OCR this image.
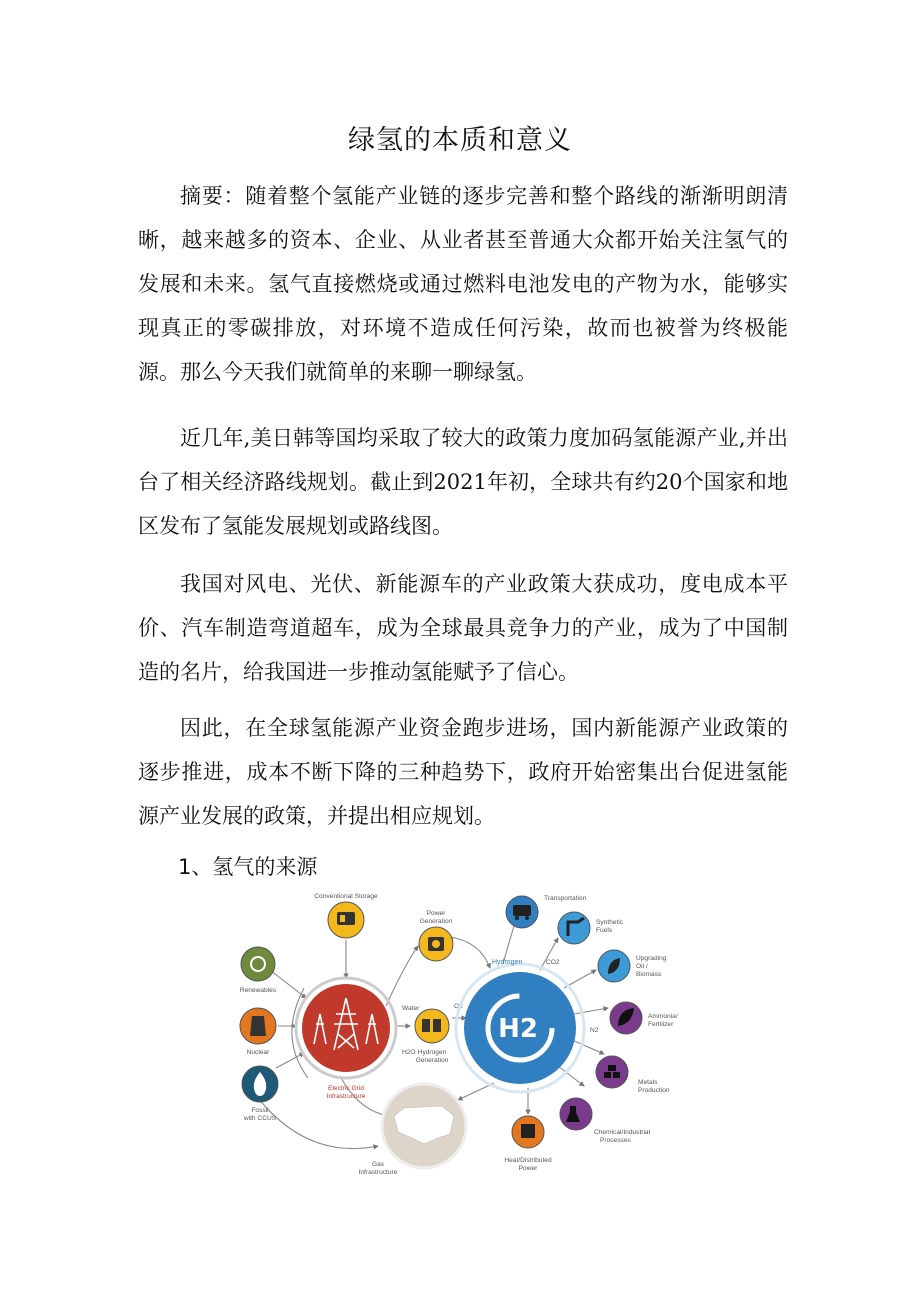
绿氢的本质和意义

摘要：随着整个氢能产业链的逐步完善和整个路线的渐渐明朗清晰，越来越多的资本、企业、从业者甚至普通大众都开始关注氢气的发展和未来。氢气直接燃烧或通过燃料电池发电的产物为水，能够实现真正的零碳排放，对环境不造成任何污染，故而也被誉为终极能源。那么今天我们就简单的来聊一聊绿氢。

近几年,美日韩等国均采取了较大的政策力度加码氢能源产业,并出台了相关经济路线规划。截止到2021年初，全球共有约20个国家和地区发布了氢能发展规划或路线图。

我国对风电、光伏、新能源车的产业政策大获成功，度电成本平价、汽车制造弯道超车，成为全球最具竞争力的产业，成为了中国制造的名片，给我国进一步推动氢能赋予了信心。

因此，在全球氢能源产业资金跑步进场，国内新能源产业政策的逐步推进，成本不断下降的三种趋势下，政府开始密集出台促进氢能源产业发展的政策，并提出相应规划。

1、氢气的来源
Conventional Storage
Power
Generation
Renewables
Nuclear
Fossil
with CCUS
Electric Grid
Infrastructure
Water
H2O
O2
Hydrogen
Generation
H2
Hydrogen	CO2
N2
Transportation
Synthetic
Fuels
Upgrading
Oil /
Biomass
Ammonia/
Fertilizer
Metals
Production
Chemical/Industrial
Processes
Heat/Distributed
Power
Gas
Infrastructure
